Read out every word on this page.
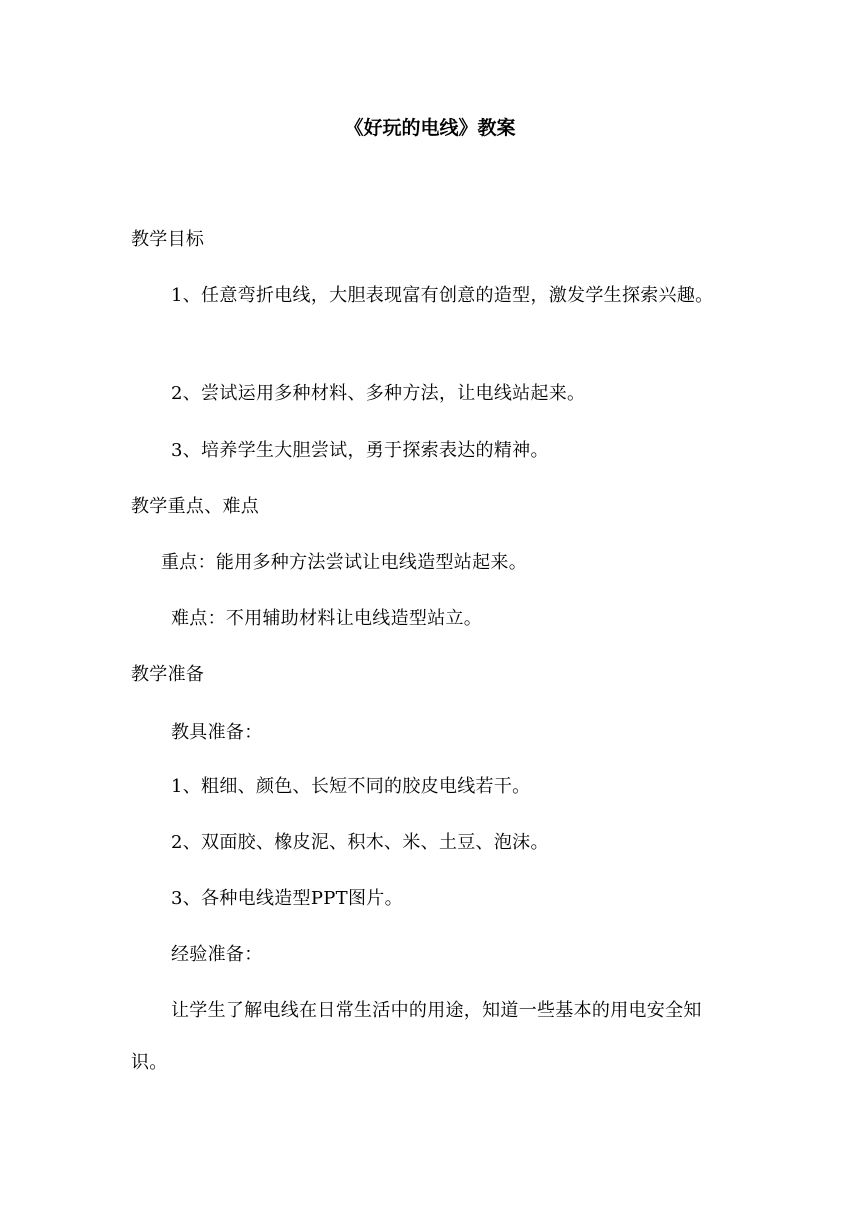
《好玩的电线》教案
教学目标
1、任意弯折电线，大胆表现富有创意的造型，激发学生探索兴趣。
2、尝试运用多种材料、多种方法，让电线站起来。
3、培养学生大胆尝试，勇于探索表达的精神。
教学重点、难点
重点：能用多种方法尝试让电线造型站起来。
难点：不用辅助材料让电线造型站立。
教学准备
教具准备：
1、粗细、颜色、长短不同的胶皮电线若干。
2、双面胶、橡皮泥、积木、米、土豆、泡沫。
3、各种电线造型PPT图片。
经验准备：
让学生了解电线在日常生活中的用途，知道一些基本的用电安全知识。
